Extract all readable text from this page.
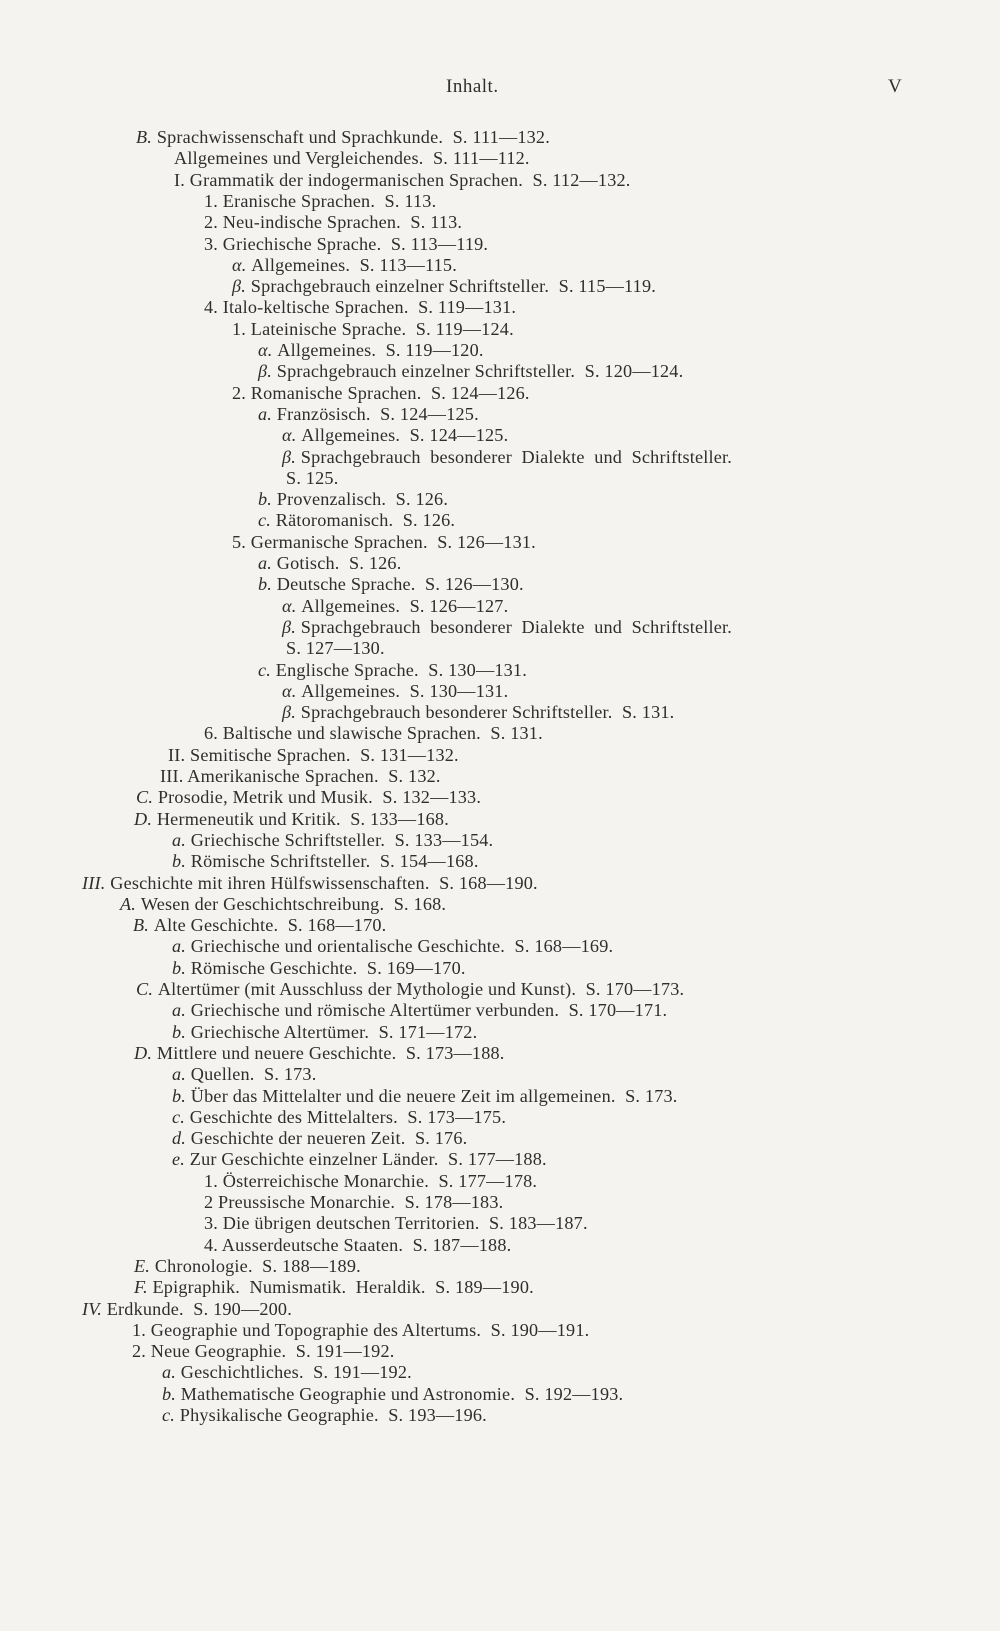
Inhalt.	V
B. Sprachwissenschaft und Sprachkunde.  S. 111—132.
Allgemeines und Vergleichendes.  S. 111—112.
I. Grammatik der indogermanischen Sprachen.  S. 112—132.
1. Eranische Sprachen.  S. 113.
2. Neu-indische Sprachen.  S. 113.
3. Griechische Sprache.  S. 113—119.
α. Allgemeines.  S. 113—115.
β. Sprachgebrauch einzelner Schriftsteller.  S. 115—119.
4. Italo-keltische Sprachen.  S. 119—131.
1. Lateinische Sprache.  S. 119—124.
α. Allgemeines.  S. 119—120.
β. Sprachgebrauch einzelner Schriftsteller.  S. 120—124.
2. Romanische Sprachen.  S. 124—126.
a. Französisch.  S. 124—125.
α. Allgemeines.  S. 124—125.
β. Sprachgebrauch  besonderer  Dialekte  und  Schriftsteller.
S. 125.
b. Provenzalisch.  S. 126.
c. Rätoromanisch.  S. 126.
5. Germanische Sprachen.  S. 126—131.
a. Gotisch.  S. 126.
b. Deutsche Sprache.  S. 126—130.
α. Allgemeines.  S. 126—127.
β. Sprachgebrauch  besonderer  Dialekte  und  Schriftsteller.
S. 127—130.
c. Englische Sprache.  S. 130—131.
α. Allgemeines.  S. 130—131.
β. Sprachgebrauch besonderer Schriftsteller.  S. 131.
6. Baltische und slawische Sprachen.  S. 131.
II. Semitische Sprachen.  S. 131—132.
III. Amerikanische Sprachen.  S. 132.
C. Prosodie, Metrik und Musik.  S. 132—133.
D. Hermeneutik und Kritik.  S. 133—168.
a. Griechische Schriftsteller.  S. 133—154.
b. Römische Schriftsteller.  S. 154—168.
III. Geschichte mit ihren Hülfswissenschaften.  S. 168—190.
A. Wesen der Geschichtschreibung.  S. 168.
B. Alte Geschichte.  S. 168—170.
a. Griechische und orientalische Geschichte.  S. 168—169.
b. Römische Geschichte.  S. 169—170.
C. Altertümer (mit Ausschluss der Mythologie und Kunst).  S. 170—173.
a. Griechische und römische Altertümer verbunden.  S. 170—171.
b. Griechische Altertümer.  S. 171—172.
D. Mittlere und neuere Geschichte.  S. 173—188.
a. Quellen.  S. 173.
b. Über das Mittelalter und die neuere Zeit im allgemeinen.  S. 173.
c. Geschichte des Mittelalters.  S. 173—175.
d. Geschichte der neueren Zeit.  S. 176.
e. Zur Geschichte einzelner Länder.  S. 177—188.
1. Österreichische Monarchie.  S. 177—178.
2 Preussische Monarchie.  S. 178—183.
3. Die übrigen deutschen Territorien.  S. 183—187.
4. Ausserdeutsche Staaten.  S. 187—188.
E. Chronologie.  S. 188—189.
F. Epigraphik.  Numismatik.  Heraldik.  S. 189—190.
IV. Erdkunde.  S. 190—200.
1. Geographie und Topographie des Altertums.  S. 190—191.
2. Neue Geographie.  S. 191—192.
a. Geschichtliches.  S. 191—192.
b. Mathematische Geographie und Astronomie.  S. 192—193.
c. Physikalische Geographie.  S. 193—196.
